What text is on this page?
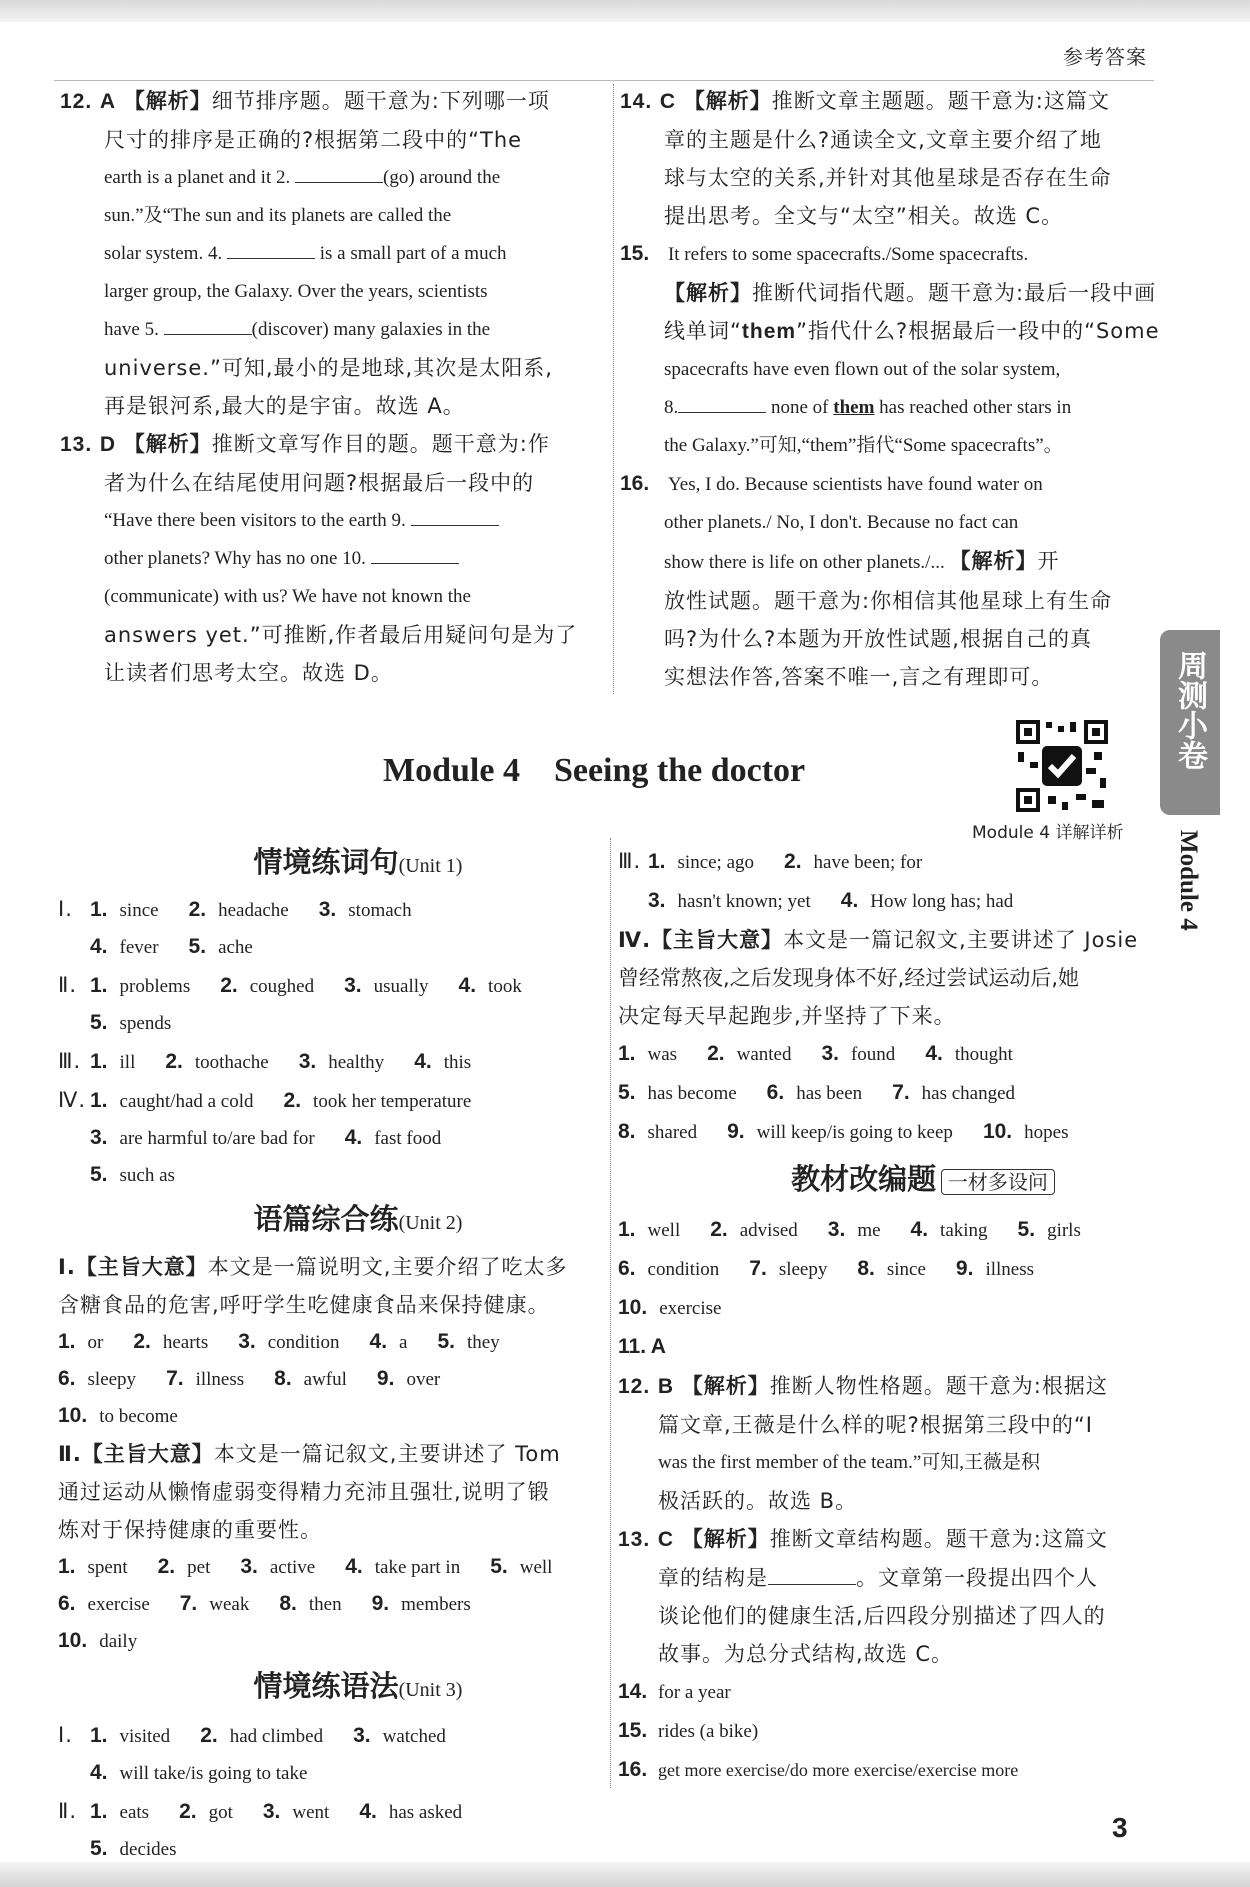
参考答案

12. A 【解析】细节排序题。题干意为:下列哪一项

尺寸的排序是正确的?根据第二段中的“The

earth is a planet and it 2.	(go) around the

sun.”及“The sun and its planets are called the

solar system. 4.	is a small part of a much

larger group, the Galaxy. Over the years, scientists

have 5.	(discover) many galaxies in the

universe.”可知,最小的是地球,其次是太阳系,

再是银河系,最大的是宇宙。故选 A。

13. D 【解析】推断文章写作目的题。题干意为:作

者为什么在结尾使用问题?根据最后一段中的

“Have there been visitors to the earth 9.

other planets? Why has no one 10.

(communicate) with us? We have not known the

answers yet.”可推断,作者最后用疑问句是为了

让读者们思考太空。故选 D。

14. C 【解析】推断文章主题题。题干意为:这篇文

章的主题是什么?通读全文,文章主要介绍了地

球与太空的关系,并针对其他星球是否存在生命

提出思考。全文与“太空”相关。故选 C。

15. It refers to some spacecrafts./Some spacecrafts.

【解析】推断代词指代题。题干意为:最后一段中画

线单词“them”指代什么?根据最后一段中的“Some

spacecrafts have even flown out of the solar system,

8.	none of them has reached other stars in

the Galaxy.”可知,“them”指代“Some spacecrafts”。

16. Yes, I do. Because scientists have found water on

other planets./ No, I don't. Because no fact can

show there is life on other planets./... 【解析】开

放性试题。题干意为:你相信其他星球上有生命

吗?为什么?本题为开放性试题,根据自己的真

实想法作答,答案不唯一,言之有理即可。	周测小卷
Module 4
Module 4　Seeing the doctor
Module 4 详解详析
情境练词句(Unit 1)
Ⅰ. 1. since 2. headache 3. stomach
4. fever 5. ache
Ⅱ. 1. problems 2. coughed 3. usually 4. took
5. spends
Ⅲ. 1. ill 2. toothache 3. healthy 4. this
Ⅳ. 1. caught/had a cold 2. took her temperature
3. are harmful to/are bad for 4. fast food
5. such as
语篇综合练(Unit 2)

Ⅰ.【主旨大意】本文是一篇说明文,主要介绍了吃太多

含糖食品的危害,呼吁学生吃健康食品来保持健康。

1. or 2. hearts 3. condition 4. a 5. they
6. sleepy 7. illness 8. awful 9. over
10. to become

Ⅱ.【主旨大意】本文是一篇记叙文,主要讲述了 Tom

通过运动从懒惰虚弱变得精力充沛且强壮,说明了锻

炼对于保持健康的重要性。

1. spent 2. pet 3. active 4. take part in 5. well
6. exercise 7. weak 8. then 9. members
10. daily
情境练语法(Unit 3)
Ⅰ. 1. visited 2. had climbed 3. watched
4. will take/is going to take
Ⅱ. 1. eats 2. got 3. went 4. has asked
5. decides
Ⅲ. 1. since; ago 2. have been; for
3. hasn't known; yet 4. How long has; had

Ⅳ.【主旨大意】本文是一篇记叙文,主要讲述了 Josie

曾经常熬夜,之后发现身体不好,经过尝试运动后,她

决定每天早起跑步,并坚持了下来。

1. was 2. wanted 3. found 4. thought
5. has become 6. has been 7. has changed
8. shared 9. will keep/is going to keep 10. hopes
教材改编题 一材多设问
1. well 2. advised 3. me 4. taking 5. girls
6. condition 7. sleepy 8. since 9. illness
10. exercise

11. A

12. B 【解析】推断人物性格题。题干意为:根据这

篇文章,王薇是什么样的呢?根据第三段中的“I

was the first member of the team.”可知,王薇是积

极活跃的。故选 B。

13. C 【解析】推断文章结构题。题干意为:这篇文

章的结构是	。文章第一段提出四个人

谈论他们的健康生活,后四段分别描述了四人的

故事。为总分式结构,故选 C。

14. for a year

15. rides (a bike)

16. get more exercise/do more exercise/exercise more

3
